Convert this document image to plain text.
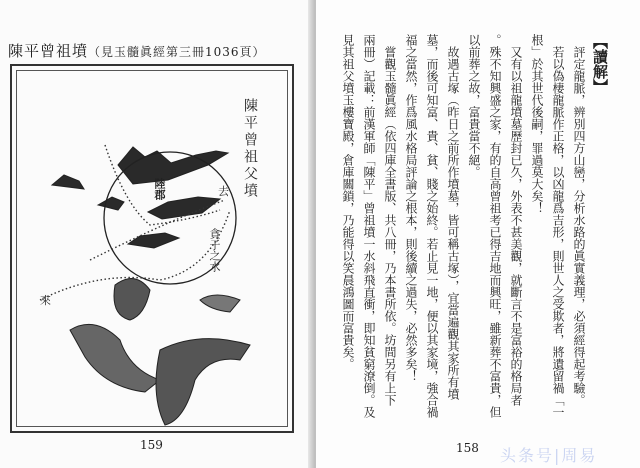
陳平曾祖墳（見玉髓眞經第三冊1036頁）
陳平曾祖父墳
陸郡	去
貪子之水
來
159

【讀解】

　評定龍脈，辨別四方山巒，分析水路的眞實義理，必須經得起考驗。

　若以偽棲龍脈作正格，以凶龍爲吉形，則世人之受欺者，將遺留禍「一

根」於其世代後嗣，罪過莫大矣！

　又有以祖龍墳墓歷封已久，外表不甚美觀，就斷言不是富裕的格局者

。殊不知興盛之家，有的自高曾祖考已得吉地而興旺，雖新葬不富貴，但

以前葬之故，富貴當不絕。

　故遇古塚（昨日之前所作墳墓，皆可稱古塚），宜當遍觀其家所有墳

墓，而後可知富、貴、貧、賤之始終。若止見一地，便以其家境，強合禍

福之當然，作爲風水格局評論之根本，則後續之過失，必然多矣！

　嘗觀玉髓眞經（依四庫全書版、共八冊，乃本書所依。坊間另有上下

兩冊）記載：前漢軍師「陳平」曾祖墳一水斜飛直衝，即知貧窮潦倒。及

見其祖父墳玉樓寶殿，倉庫關鎖，乃能得以笑晨鴻圖而富貴矣。

158 头条号|周易
